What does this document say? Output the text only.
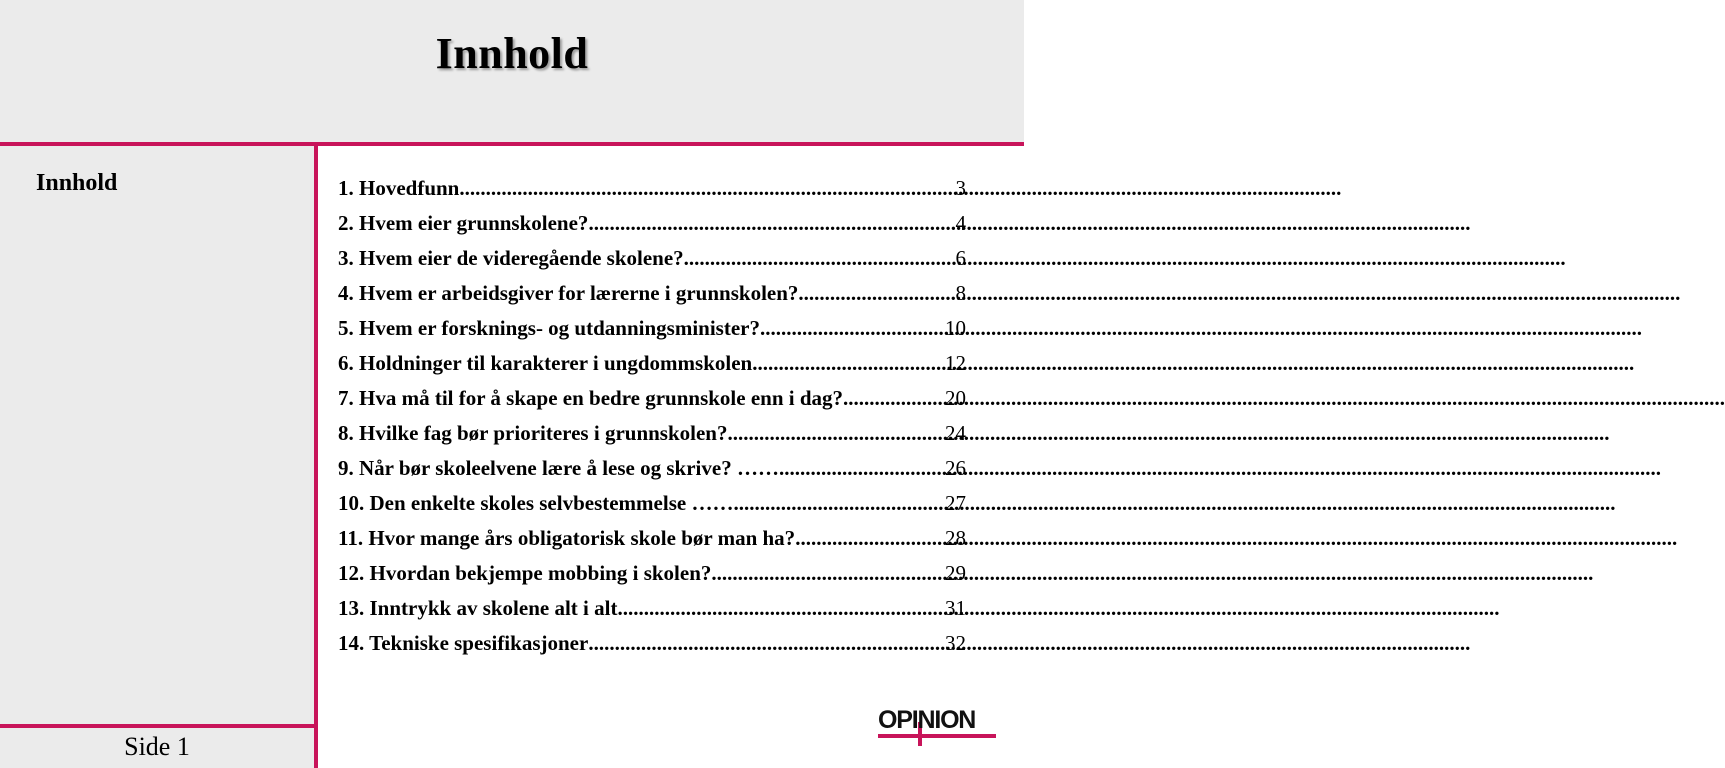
Innhold
Innhold
Side 1
1. Hovedfunn .....	3
2. Hvem eier grunnskolene? .....	4
3. Hvem eier de videregående skolene? .....	6
4. Hvem er arbeidsgiver for lærerne i grunnskolen? .....	8
5. Hvem er forsknings- og utdanningsminister? .....	10
6. Holdninger til karakterer i ungdommskolen .....	12
7. Hva må til for å skape en bedre grunnskole enn i dag? .....	20
8. Hvilke fag bør prioriteres i grunnskolen? .....	24
9. Når bør skoleelvene lære å lese og skrive? …… .....	26
10. Den enkelte skoles selvbestemmelse …… .....	27
11. Hvor mange års obligatorisk skole bør man ha? .....	28
12. Hvordan bekjempe mobbing i skolen? .....	29
13. Inntrykk av skolene alt i alt .....	31
14. Tekniske spesifikasjoner .....	32
OPINION
